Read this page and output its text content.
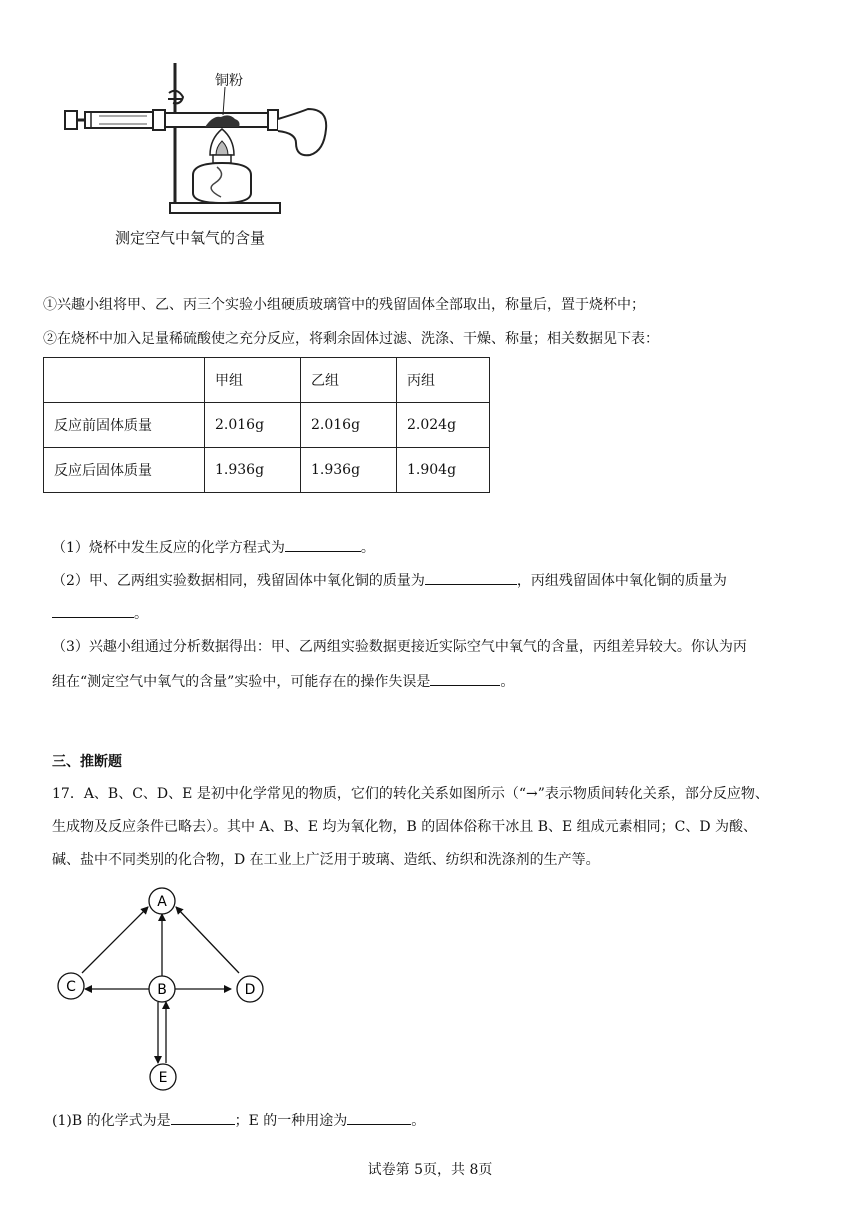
铜粉
测定空气中氧气的含量
①兴趣小组将甲、乙、丙三个实验小组硬质玻璃管中的残留固体全部取出，称量后，置于烧杯中；
②在烧杯中加入足量稀硫酸使之充分反应，将剩余固体过滤、洗涤、干燥、称量；相关数据见下表：
	甲组	乙组	丙组
反应前固体质量	2.016g	2.016g	2.024g
反应后固体质量	1.936g	1.936g	1.904g
（1）烧杯中发生反应的化学方程式为	。
（2）甲、乙两组实验数据相同，残留固体中氧化铜的质量为	，丙组残留固体中氧化铜的质量为
。
（3）兴趣小组通过分析数据得出：甲、乙两组实验数据更接近实际空气中氧气的含量，丙组差异较大。你认为丙
组在“测定空气中氧气的含量”实验中，可能存在的操作失误是	。
三、推断题
17．A、B、C、D、E 是初中化学常见的物质，它们的转化关系如图所示（“→”表示物质间转化关系，部分反应物、
生成物及反应条件已略去）。其中 A、B、E 均为氧化物，B 的固体俗称干冰且 B、E 组成元素相同；C、D 为酸、
碱、盐中不同类别的化合物，D 在工业上广泛用于玻璃、造纸、纺织和洗涤剂的生产等。
A
B
C	D
E
(1)B 的化学式为是	；E 的一种用途为	。
试卷第 5页，共 8页
